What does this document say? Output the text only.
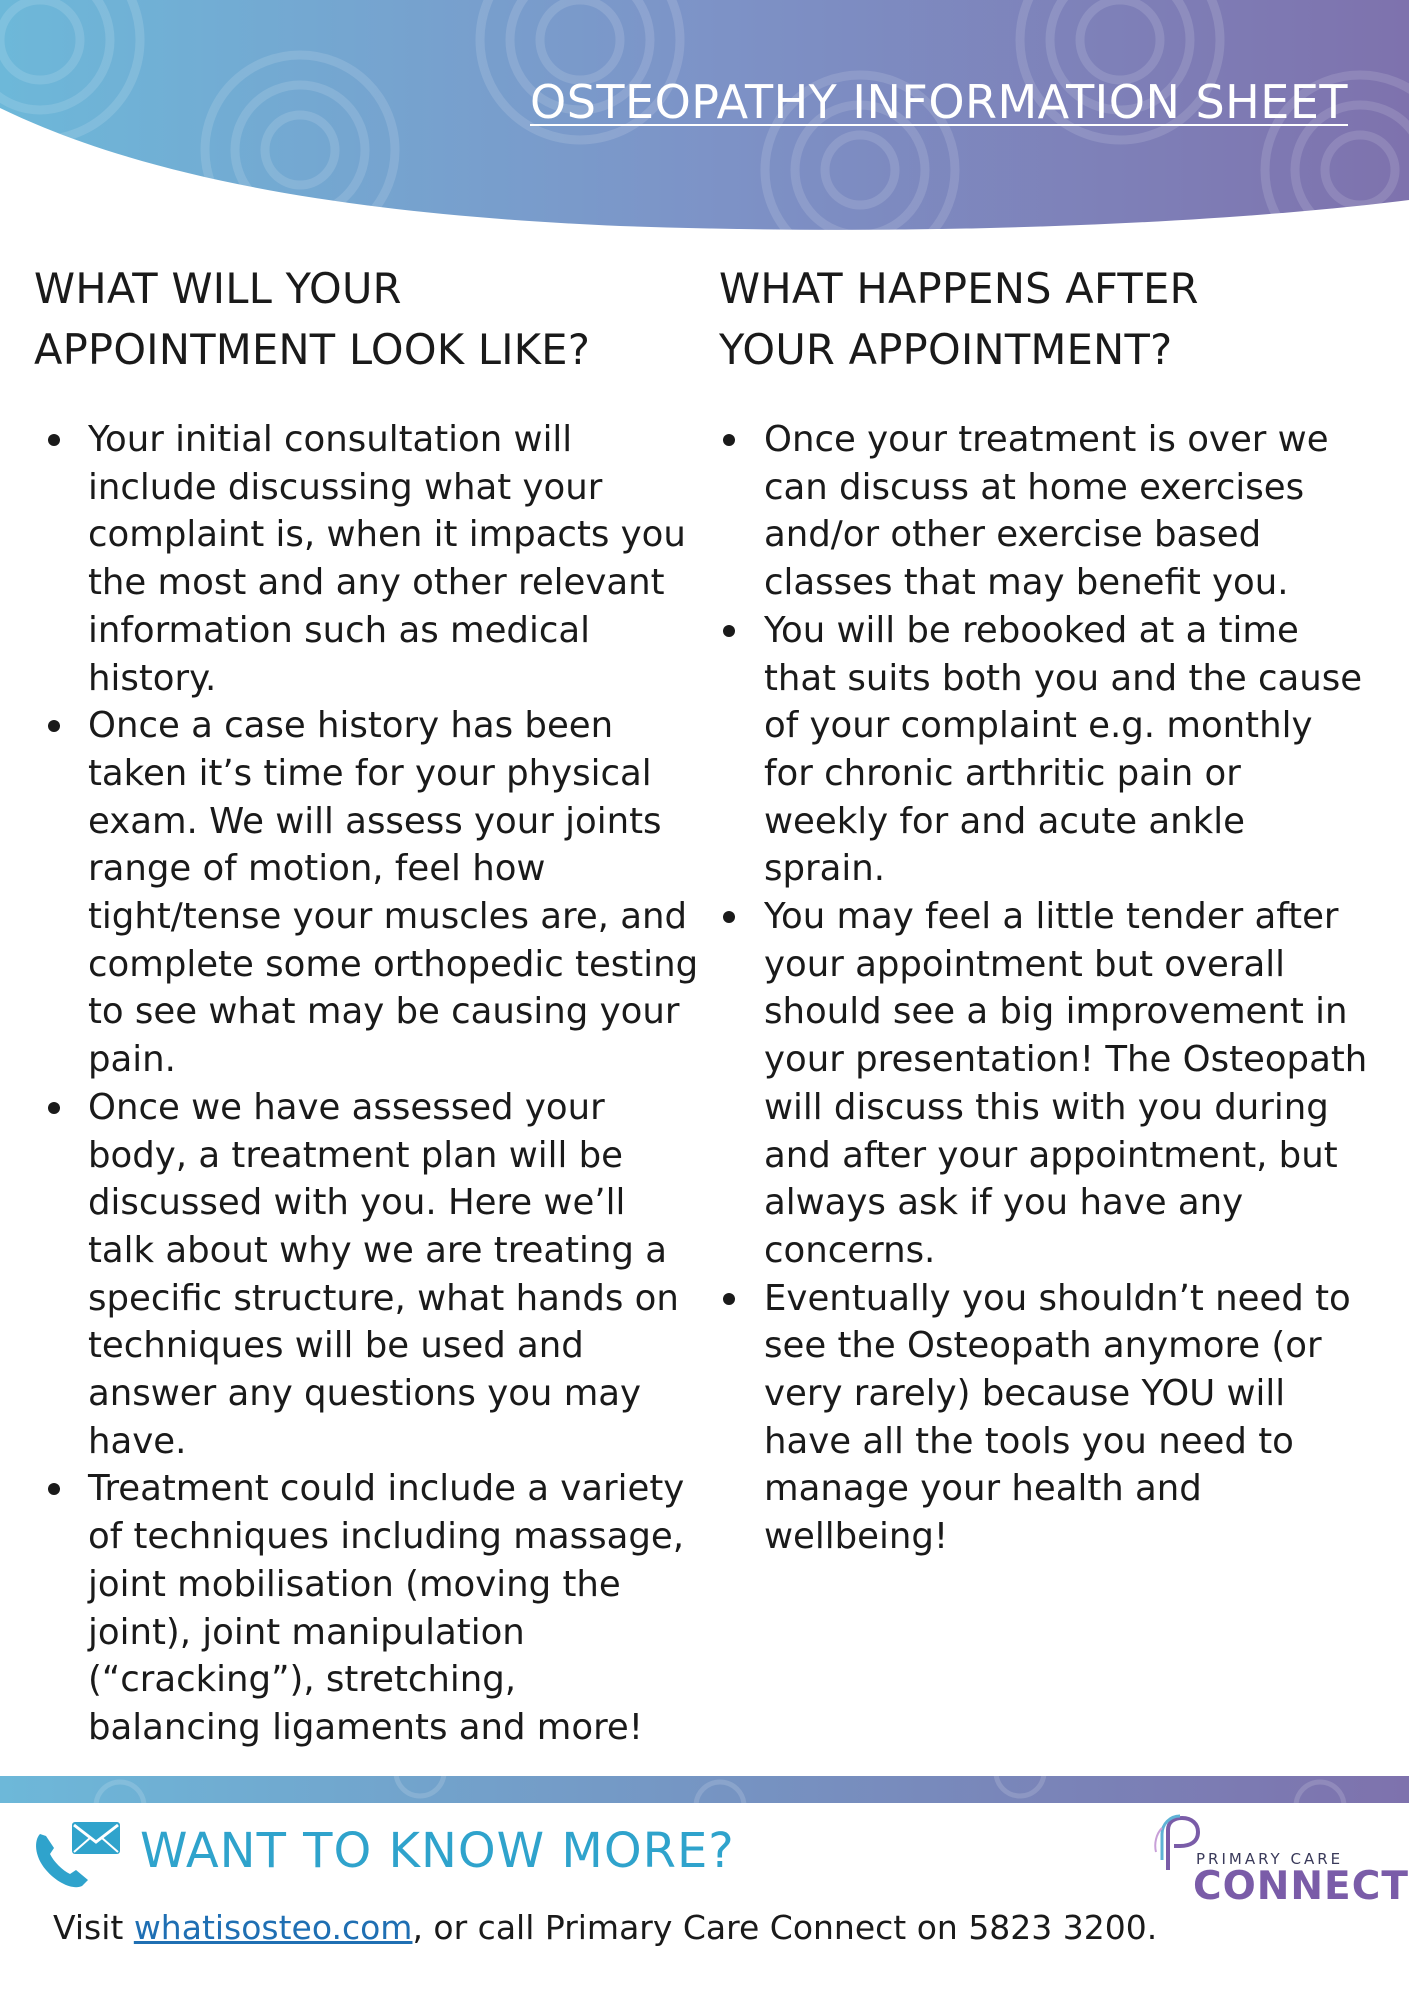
OSTEOPATHY INFORMATION SHEET
WHAT WILL YOUR
APPOINTMENT LOOK LIKE?
Your initial consultation will include discussing what your complaint is, when it impacts you the most and any other relevant information such as medical history.
Once a case history has been taken it’s time for your physical exam. We will assess your joints range of motion, feel how tight/tense your muscles are, and complete some orthopedic testing to see what may be causing your pain.
Once we have assessed your body, a treatment plan will be discussed with you. Here we’ll talk about why we are treating a specific structure, what hands on techniques will be used and answer any questions you may have.
Treatment could include a variety of techniques including massage, joint mobilisation (moving the joint), joint manipulation (“cracking”), stretching, balancing ligaments and more!
WHAT HAPPENS AFTER
YOUR APPOINTMENT?
Once your treatment is over we can discuss at home exercises and/or other exercise based classes that may benefit you.
You will be rebooked at a time that suits both you and the cause of your complaint e.g. monthly for chronic arthritic pain or weekly for and acute ankle sprain.
You may feel a little tender after your appointment but overall should see a big improvement in your presentation! The Osteopath will discuss this with you during and after your appointment, but always ask if you have any concerns.
Eventually you shouldn’t need to see the Osteopath anymore (or very rarely) because YOU will have all the tools you need to manage your health and wellbeing!
WANT TO KNOW MORE?

Visit whatisosteo.com, or call Primary Care Connect on 5823 3200.

PRIMARY CARE
CONNECT
